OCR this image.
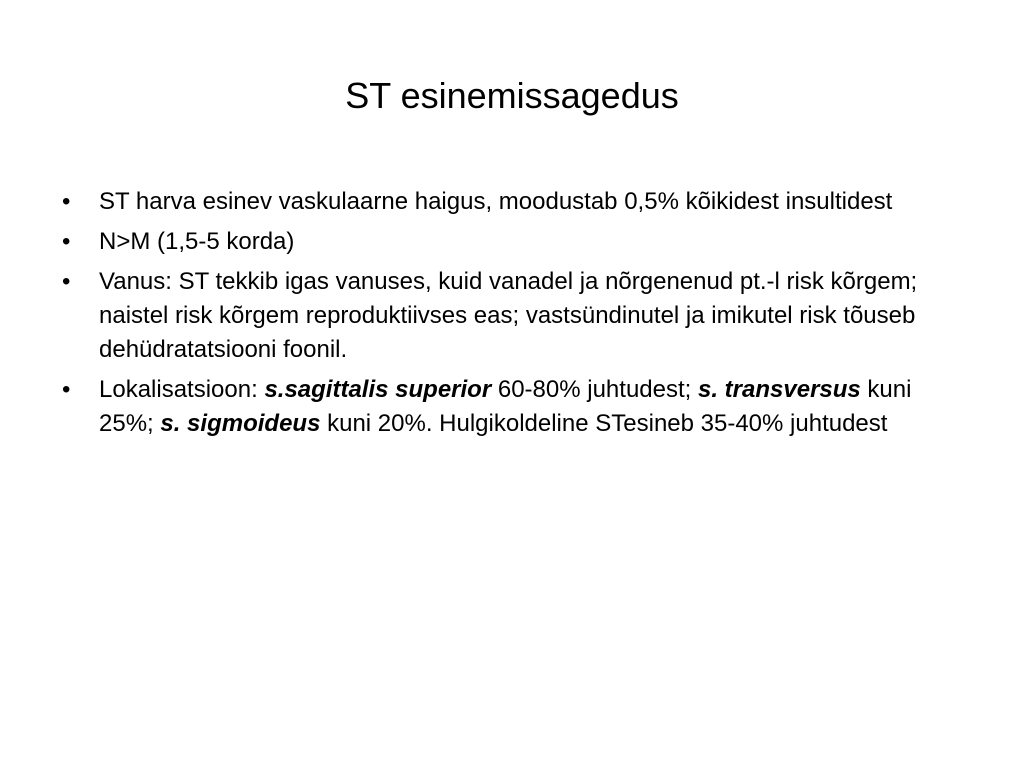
ST esinemissagedus
•	ST harva esinev vaskulaarne haigus, moodustab 0,5% kõikidest insultidest
•	N>M (1,5-5 korda)
•	Vanus: ST tekkib igas vanuses, kuid vanadel ja nõrgenenud pt.-l risk kõrgem; naistel risk kõrgem reproduktiivses eas; vastsündinutel ja imikutel risk tõuseb dehüdratatsiooni foonil.
•	Lokalisatsioon: s.sagittalis superior 60-80% juhtudest; s. transversus kuni 25%; s. sigmoideus kuni 20%. Hulgikoldeline STesineb 35-40% juhtudest
